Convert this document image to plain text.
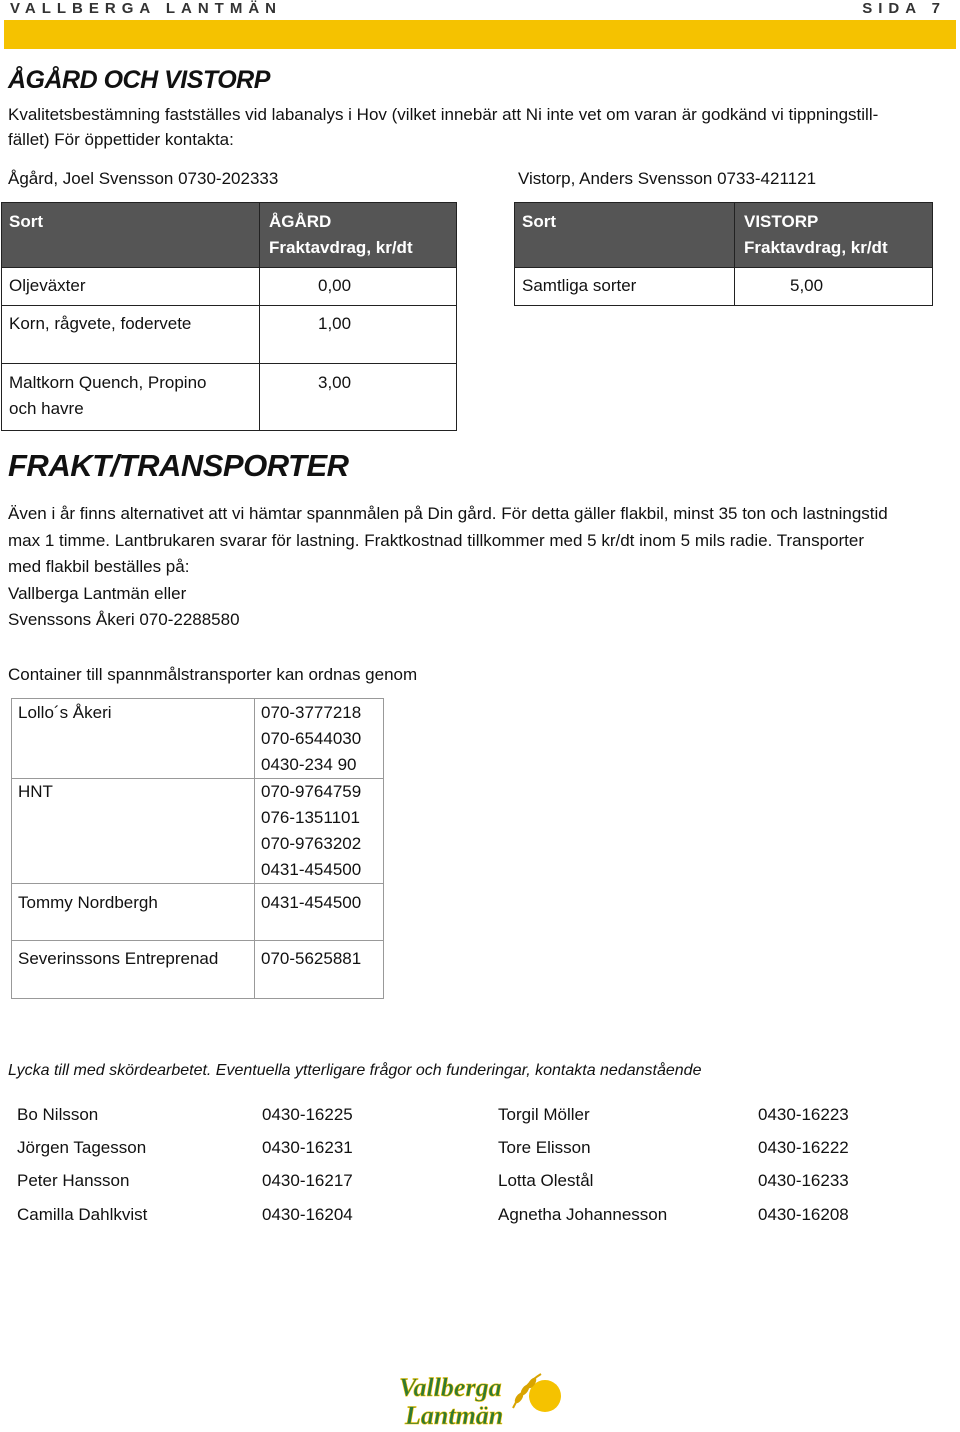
VALLBERGA LANTMÄN	SIDA 7
ÅGÅRD OCH VISTORP
Kvalitetsbestämning fastställes vid labanalys i Hov (vilket innebär att Ni inte vet om varan är godkänd vi tippningstill-
fället) För öppettider kontakta:
Ågård, Joel Svensson 0730-202333	Vistorp, Anders Svensson 0733-421121
Sort	ÅGÅRD
Fraktavdrag, kr/dt

Oljeväxter	0,00
Korn, rågvete, fodervete	1,00

Maltkorn Quench, Propino
och havre	3,00
Sort	VISTORP
Fraktavdrag, kr/dt

Samtliga sorter	5,00
FRAKT/TRANSPORTER
Även i år finns alternativet att vi hämtar spannmålen på Din gård. För detta gäller flakbil, minst 35 ton och lastningstid
max 1 timme. Lantbrukaren svarar för lastning. Fraktkostnad tillkommer med 5 kr/dt inom 5 mils radie. Transporter
med flakbil beställes på:
Vallberga Lantmän eller
Svenssons Åkeri 070-2288580
Container till spannmålstransporter kan ordnas genom
Lollo´s Åkeri	070-3777218
070-6544030
0430-234 90

HNT	070-9764759
076-1351101
070-9763202
0431-454500

Tommy Nordbergh	0431-454500
Severinssons Entreprenad	070-5625881
Lycka till med skördearbetet. Eventuella ytterligare frågor och funderingar, kontakta nedanstående
Bo Nilsson	0430-16225
Jörgen Tagesson	0430-16231
Peter Hansson	0430-16217
Camilla Dahlkvist	0430-16204
Torgil Möller	0430-16223
Tore Elisson	0430-16222
Lotta Olestål	0430-16233
Agnetha Johannesson	0430-16208
Vallberga
Lantmän
